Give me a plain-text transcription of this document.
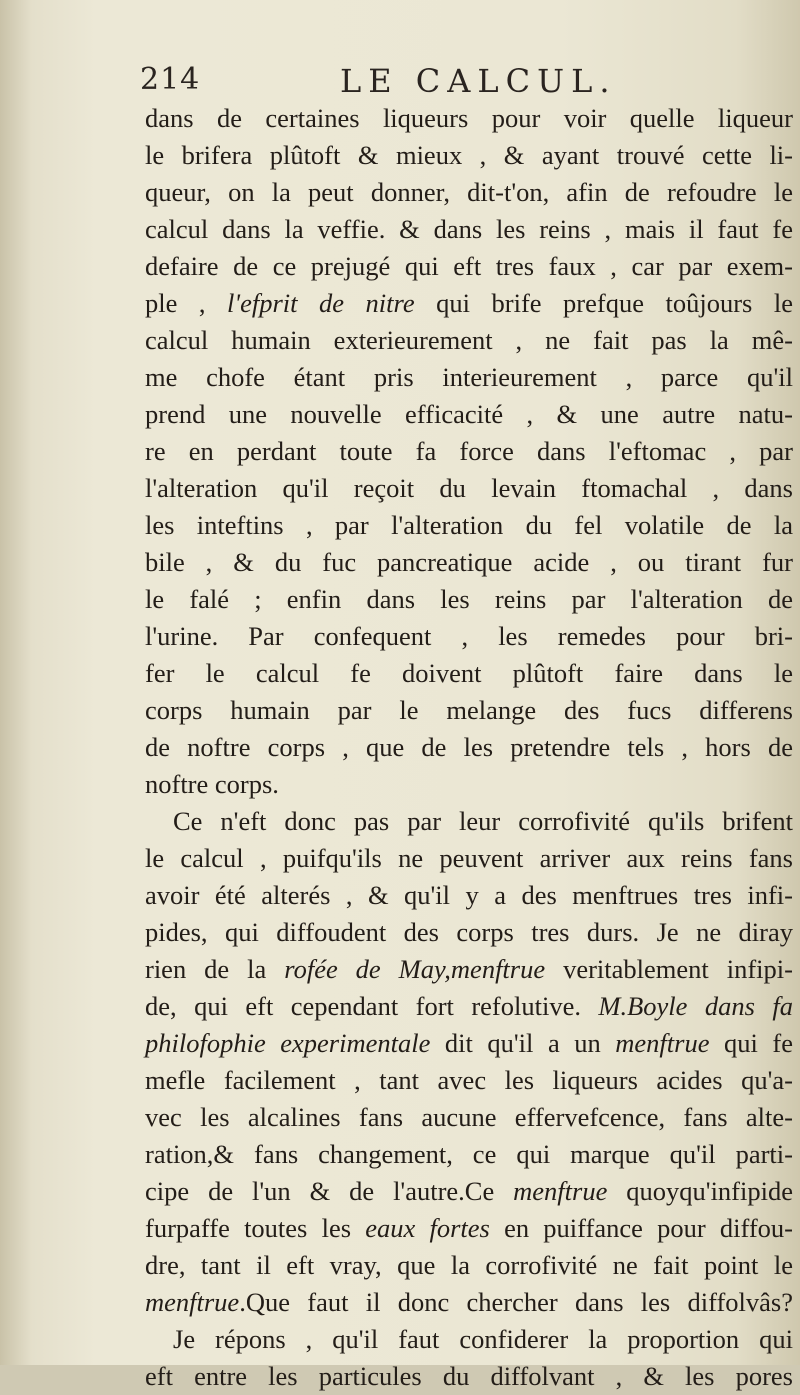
214	LE CALCUL.
dans de certaines liqueurs pour voir quelle liqueur
le brifera plûtoft & mieux , & ayant trouvé cette li-
queur, on la peut donner, dit-t'on, afin de refoudre le
calcul dans la veffie. & dans les reins , mais il faut fe
defaire de ce prejugé qui eft tres faux , car par exem-
ple , l'efprit de nitre qui brife prefque toûjours le
calcul humain exterieurement , ne fait pas la mê-
me chofe étant pris interieurement , parce qu'il
prend une nouvelle efficacité , & une autre natu-
re en perdant toute fa force dans l'eftomac , par
l'alteration qu'il reçoit du levain ftomachal , dans
les inteftins , par l'alteration du fel volatile de la
bile , & du fuc pancreatique acide , ou tirant fur
le falé ; enfin dans les reins par l'alteration de
l'urine. Par confequent , les remedes pour bri-
fer le calcul fe doivent plûtoft faire dans le
corps humain par le melange des fucs differens
de noftre corps , que de les pretendre tels , hors de
noftre corps.
Ce n'eft donc pas par leur corrofivité qu'ils brifent
le calcul , puifqu'ils ne peuvent arriver aux reins fans
avoir été alterés , & qu'il y a des menftrues tres infi-
pides, qui diffoudent des corps tres durs. Je ne diray
rien de la rofée de May,menftrue veritablement infipi-
de, qui eft cependant fort refolutive. M.Boyle dans fa
philofophie experimentale dit qu'il a un menftrue qui fe
mefle facilement , tant avec les liqueurs acides qu'a-
vec les alcalines fans aucune effervefcence, fans alte-
ration,& fans changement, ce qui marque qu'il parti-
cipe de l'un & de l'autre.Ce menftrue quoyqu'infipide
furpaffe toutes les eaux fortes en puiffance pour diffou-
dre, tant il eft vray, que la corrofivité ne fait point le
menftrue.Que faut il donc chercher dans les diffolvâs?
Je répons , qu'il faut confiderer la proportion qui
eft entre les particules du diffolvant , & les pores
